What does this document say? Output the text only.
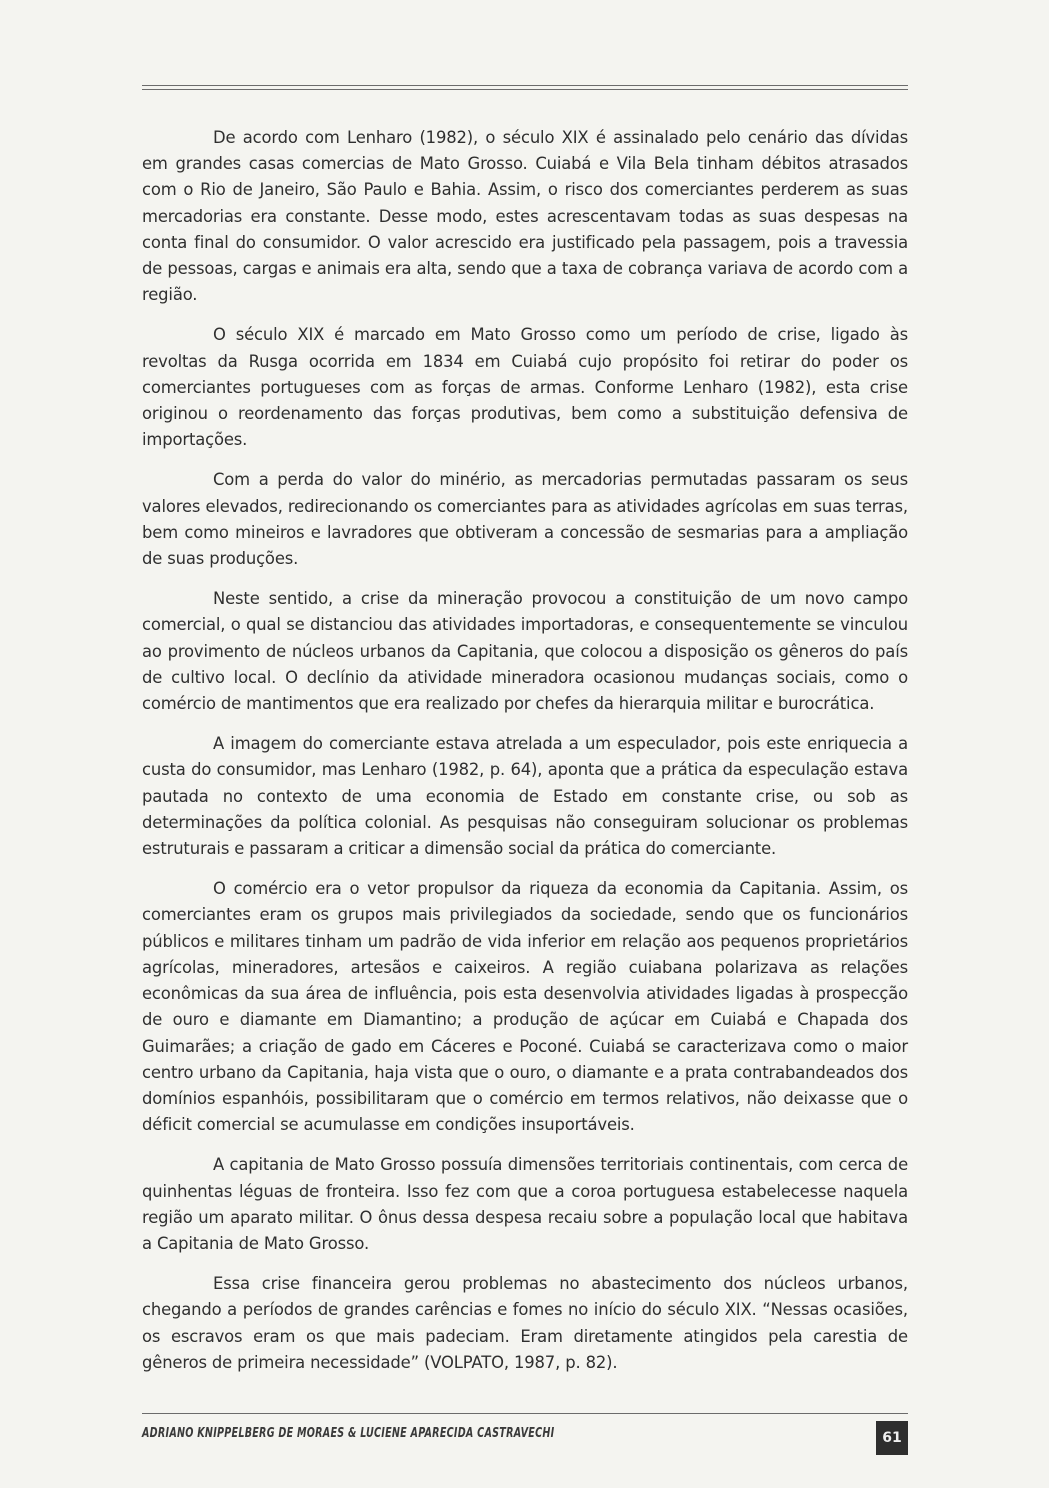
De acordo com Lenharo (1982), o século XIX é assinalado pelo cenário das dívidas em grandes casas comercias de Mato Grosso. Cuiabá e Vila Bela tinham débitos atrasados com o Rio de Janeiro, São Paulo e Bahia. Assim, o risco dos comerciantes perderem as suas mercadorias era constante. Desse modo, estes acrescentavam todas as suas despesas na conta final do consumidor. O valor acrescido era justificado pela passagem, pois a travessia de pessoas, cargas e animais era alta, sendo que a taxa de cobrança variava de acordo com a região.

O século XIX é marcado em Mato Grosso como um período de crise, ligado às revoltas da Rusga ocorrida em 1834 em Cuiabá cujo propósito foi retirar do poder os comerciantes portugueses com as forças de armas. Conforme Lenharo (1982), esta crise originou o reordenamento das forças produtivas, bem como a substituição defensiva de importações.

Com a perda do valor do minério, as mercadorias permutadas passaram os seus valores elevados, redirecionando os comerciantes para as atividades agrícolas em suas terras, bem como mineiros e lavradores que obtiveram a concessão de sesmarias para a ampliação de suas produções.

Neste sentido, a crise da mineração provocou a constituição de um novo campo comercial, o qual se distanciou das atividades importadoras, e consequentemente se vinculou ao provimento de núcleos urbanos da Capitania, que colocou a disposição os gêneros do país de cultivo local. O declínio da atividade mineradora ocasionou mudanças sociais, como o comércio de mantimentos que era realizado por chefes da hierarquia militar e burocrática.

A imagem do comerciante estava atrelada a um especulador, pois este enriquecia a custa do consumidor, mas Lenharo (1982, p. 64), aponta que a prática da especulação estava pautada no contexto de uma economia de Estado em constante crise, ou sob as determinações da política colonial. As pesquisas não conseguiram solucionar os problemas estruturais e passaram a criticar a dimensão social da prática do comerciante.

O comércio era o vetor propulsor da riqueza da economia da Capitania. Assim, os comerciantes eram os grupos mais privilegiados da sociedade, sendo que os funcionários públicos e militares tinham um padrão de vida inferior em relação aos pequenos proprietários agrícolas, mineradores, artesãos e caixeiros. A região cuiabana polarizava as relações econômicas da sua área de influência, pois esta desenvolvia atividades ligadas à prospecção de ouro e diamante em Diamantino; a produção de açúcar em Cuiabá e Chapada dos Guimarães; a criação de gado em Cáceres e Poconé. Cuiabá se caracterizava como o maior centro urbano da Capitania, haja vista que o ouro, o diamante e a prata contrabandeados dos domínios espanhóis, possibilitaram que o comércio em termos relativos, não deixasse que o déficit comercial se acumulasse em condições insuportáveis.

A capitania de Mato Grosso possuía dimensões territoriais continentais, com cerca de quinhentas léguas de fronteira. Isso fez com que a coroa portuguesa estabelecesse naquela região um aparato militar. O ônus dessa despesa recaiu sobre a população local que habitava a Capitania de Mato Grosso.

Essa crise financeira gerou problemas no abastecimento dos núcleos urbanos, chegando a períodos de grandes carências e fomes no início do século XIX. “Nessas ocasiões, os escravos eram os que mais padeciam. Eram diretamente atingidos pela carestia de gêneros de primeira necessidade” (VOLPATO, 1987, p. 82).

ADRIANO KNIPPELBERG DE MORAES & LUCIENE APARECIDA CASTRAVECHI	61
